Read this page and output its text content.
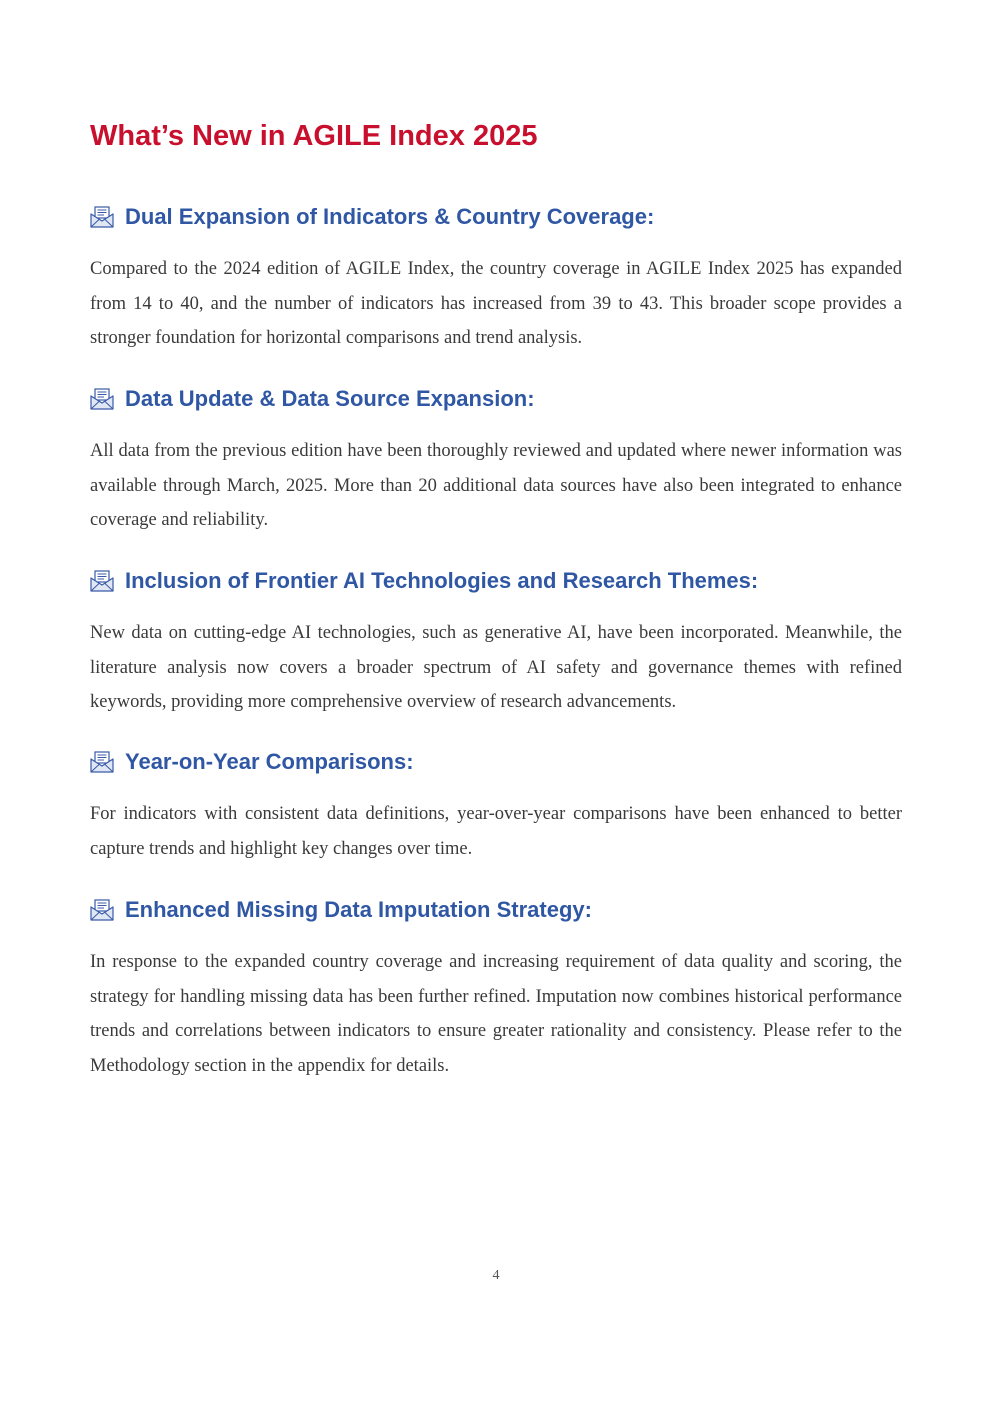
What’s New in AGILE Index 2025
Dual Expansion of Indicators & Country Coverage:

Compared to the 2024 edition of AGILE Index, the country coverage in AGILE Index 2025 has expanded from 14 to 40, and the number of indicators has increased from 39 to 43. This broader scope provides a stronger foundation for horizontal comparisons and trend analysis.

Data Update & Data Source Expansion:

All data from the previous edition have been thoroughly reviewed and updated where newer information was available through March, 2025. More than 20 additional data sources have also been integrated to enhance coverage and reliability.

Inclusion of Frontier AI Technologies and Research Themes:

New data on cutting-edge AI technologies, such as generative AI, have been incorporated. Meanwhile, the literature analysis now covers a broader spectrum of AI safety and governance themes with refined keywords, providing more comprehensive overview of research advancements.

Year-on-Year Comparisons:

For indicators with consistent data definitions, year-over-year comparisons have been enhanced to better capture trends and highlight key changes over time.

Enhanced Missing Data Imputation Strategy:

In response to the expanded country coverage and increasing requirement of data quality and scoring, the strategy for handling missing data has been further refined. Imputation now combines historical performance trends and correlations between indicators to ensure greater rationality and consistency. Please refer to the Methodology section in the appendix for details.

4
